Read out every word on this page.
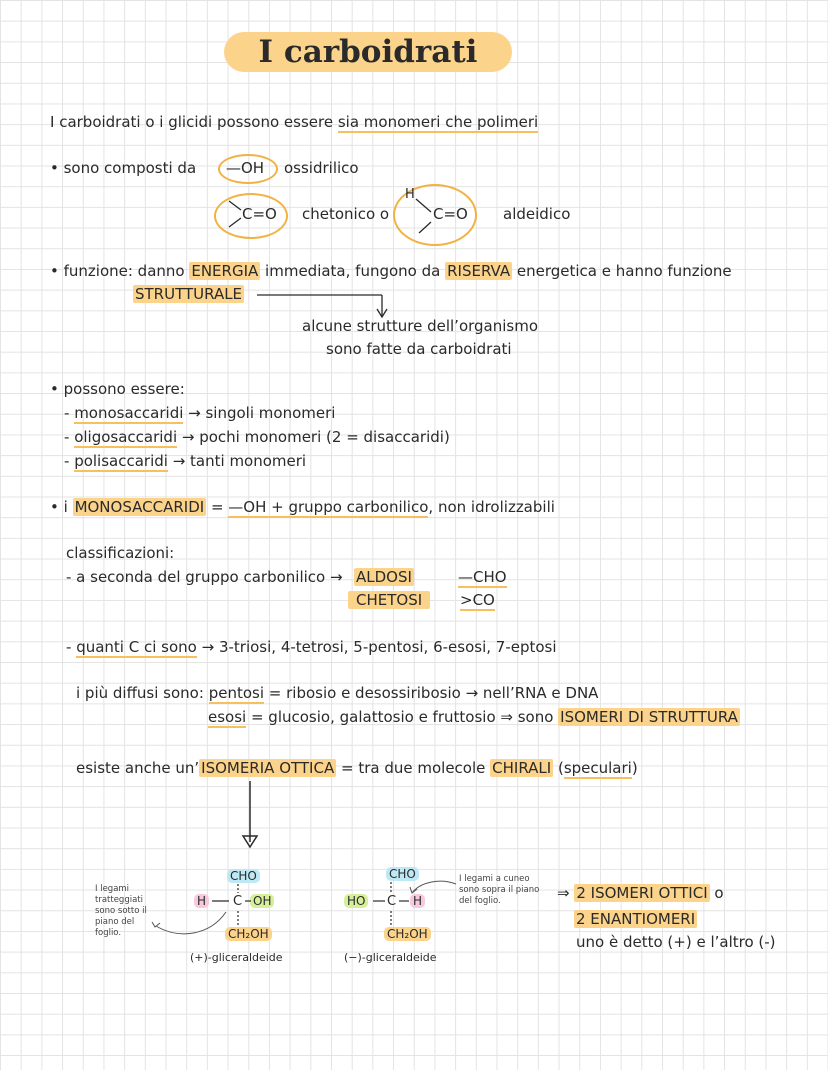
I carboidrati
I carboidrati o i glicidi possono essere sia monomeri che polimeri
• sono composti da —OH ossidrilico
C=O chetonico o
H
C=O aldeidico
• funzione: danno ENERGIA immediata, fungono da RISERVA energetica e hanno funzione
STRUTTURALE
alcune strutture dell’organismo
sono fatte da carboidrati
• possono essere:
- monosaccaridi → singoli monomeri
- oligosaccaridi → pochi monomeri (2 = disaccaridi)
- polisaccaridi → tanti monomeri
• i MONOSACCARIDI = —OH + gruppo carbonilico, non idrolizzabili
classificazioni:
- a seconda del gruppo carbonilico → ALDOSI
CHETOSI
—CHO
>CO
- quanti C ci sono → 3-triosi, 4-tetrosi, 5-pentosi, 6-esosi, 7-eptosi
i più diffusi sono: pentosi = ribosio e desossiribosio → nell’RNA e DNA
esosi = glucosio, galattosio e fruttosio ⇒ sono ISOMERI DI STRUTTURA
esiste anche un’ ISOMERIA OTTICA = tra due molecole CHIRALI (speculari)
CHO
H C OH
CH₂OH
(+)-gliceraldeide
CHO
HO C H
CH₂OH
(−)-gliceraldeide
I legami tratteggiati sono sotto il piano del foglio.
I legami a cuneo sono sopra il piano del foglio.	⇒ 2 ISOMERI OTTICI o
2 ENANTIOMERI
uno è detto (+) e l’altro (-)
